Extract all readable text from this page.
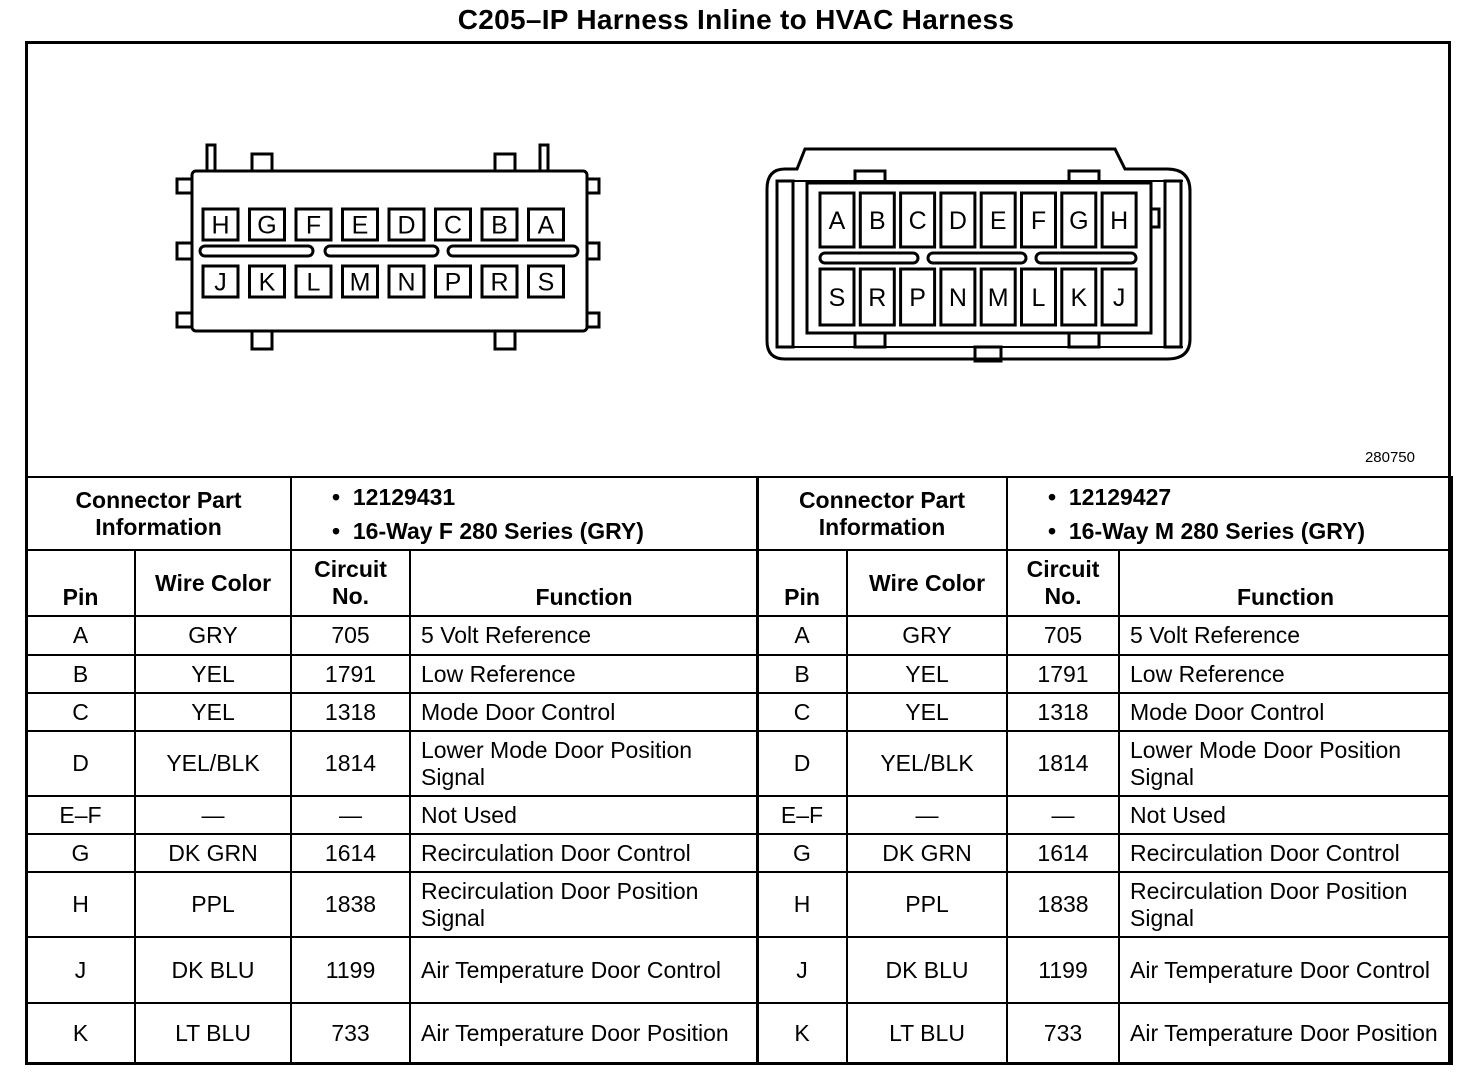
C205–IP Harness Inline to HVAC Harness
H G F E D C B A
J K L M N P R S
A B C D E F G H
S R P N M L K J
280750
Connector Part Information		•  12129431
•  16-Way F 280 Series (GRY)

Pin	Wire Color	Circuit No.	Function
A	GRY	705	5 Volt Reference
B	YEL	1791	Low Reference
C	YEL	1318	Mode Door Control
D	YEL/BLK	1814	Lower Mode Door Position Signal
E–F	—	—	Not Used
G	DK GRN	1614	Recirculation Door Control
H	PPL	1838	Recirculation Door Position Signal
J	DK BLU	1199	Air Temperature Door Control
K	LT BLU	733	Air Temperature Door Position
Connector Part Information		•  12129427
•  16-Way M 280 Series (GRY)

Pin	Wire Color	Circuit No.	Function
A	GRY	705	5 Volt Reference
B	YEL	1791	Low Reference
C	YEL	1318	Mode Door Control
D	YEL/BLK	1814	Lower Mode Door Position Signal
E–F	—	—	Not Used
G	DK GRN	1614	Recirculation Door Control
H	PPL	1838	Recirculation Door Position Signal
J	DK BLU	1199	Air Temperature Door Control
K	LT BLU	733	Air Temperature Door Position
